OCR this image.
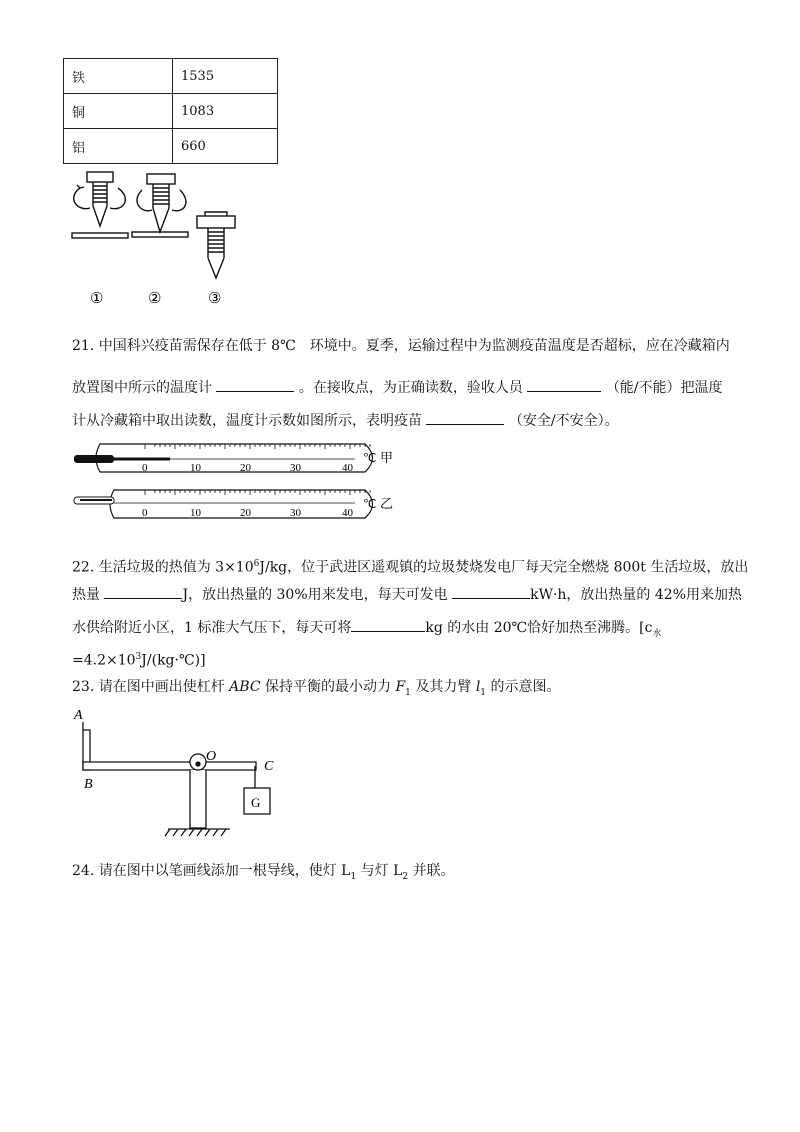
铁	1535
铜	1083
铝	660
①	②	③
21. 中国科兴疫苗需保存在低于 8℃　环境中。夏季，运输过程中为监测疫苗温度是否超标，应在冷藏箱内
放置图中所示的温度计	。在接收点，为正确读数，验收人员	（能/不能）把温度
计从冷藏箱中取出读数，温度计示数如图所示，表明疫苗	（安全/不安全）。
0	10	20	30	40
℃ 甲
0	10	20	30	40
℃ 乙
22. 生活垃圾的热值为 $3\times 10^6J/kg$，位于武进区遥观镇的垃圾焚烧发电厂每天完全燃烧 800t 生活垃圾，放出
热量	J，放出热量的 30%用来发电，每天可发电	kW·h，放出热量的 42%用来加热
水供给附近小区，1 标准大气压下，每天可将	kg 的水由 20℃恰好加热至沸腾。[$c_水$
$=4.2\times 10^3J/(kg\cdot℃)$]
23. 请在图中画出使杠杆 ABC 保持平衡的最小动力 $F_1$ 及其力臂 $l_1$ 的示意图。
A
B
O
C
G
24. 请在图中以笔画线添加一根导线，使灯 $L_1$ 与灯 $L_2$ 并联。
